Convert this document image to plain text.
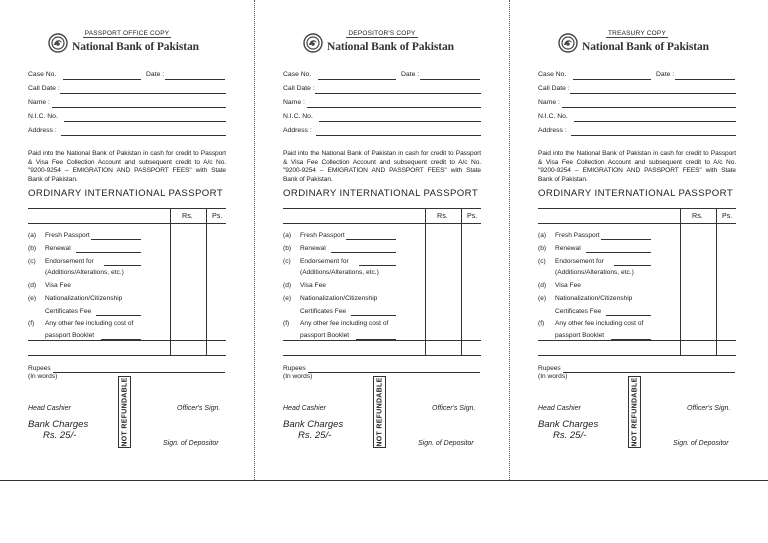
PASSPORT OFFICE COPY
National Bank of Pakistan
Case No.	Date :
Call Date :
Name :
N.I.C. No.
Address :
Paid into the National Bank of Pakistan in cash for credit to Passport & Visa Fee Collection Account and subsequent credit to A/c No. "9200-9254 – EMIGRATION AND PASSPORT FEES" with State Bank of Pakistan.
ORDINARY INTERNATIONAL PASSPORT
Rs.	Ps.
(a) Fresh Passport
(b) Renewal
(c) Endorsement for
(Additions/Alterations, etc.)
(d) Visa Fee
(e) Nationalization/Citizenship
Certificates Fee
(f) Any other fee including cost of
passport Booklet
Rupees
(In words)
NOT REFUNDABLE
Head Cashier	Officer's Sign.
Bank Charges
Rs. 25/-
Sign. of Depositor
DEPOSITOR'S COPY
National Bank of Pakistan
Case No.	Date :
Call Date :
Name :
N.I.C. No.
Address :
Paid into the National Bank of Pakistan in cash for credit to Passport & Visa Fee Collection Account and subsequent credit to A/c No. "9200-9254 – EMIGRATION AND PASSPORT FEES" with State Bank of Pakistan.
ORDINARY INTERNATIONAL PASSPORT
Rs.	Ps.
(a) Fresh Passport
(b) Renewal
(c) Endorsement for
(Additions/Alterations, etc.)
(d) Visa Fee
(e) Nationalization/Citizenship
Certificates Fee
(f) Any other fee including cost of
passport Booklet
Rupees
(In words)
NOT REFUNDABLE
Head Cashier	Officer's Sign.
Bank Charges
Rs. 25/-
Sign. of Depositor
TREASURY COPY
National Bank of Pakistan
Case No.	Date :
Call Date :
Name :
N.I.C. No.
Address :
Paid into the National Bank of Pakistan in cash for credit to Passport & Visa Fee Collection Account and subsequent credit to A/c No. "9200-9254 – EMIGRATION AND PASSPORT FEES" with State Bank of Pakistan.
ORDINARY INTERNATIONAL PASSPORT
Rs.	Ps.
(a) Fresh Passport
(b) Renewal
(c) Endorsement for
(Additions/Alterations, etc.)
(d) Visa Fee
(e) Nationalization/Citizenship
Certificates Fee
(f) Any other fee including cost of
passport Booklet
Rupees
(In words)
NOT REFUNDABLE
Head Cashier	Officer's Sign.
Bank Charges
Rs. 25/-
Sign. of Depositor
